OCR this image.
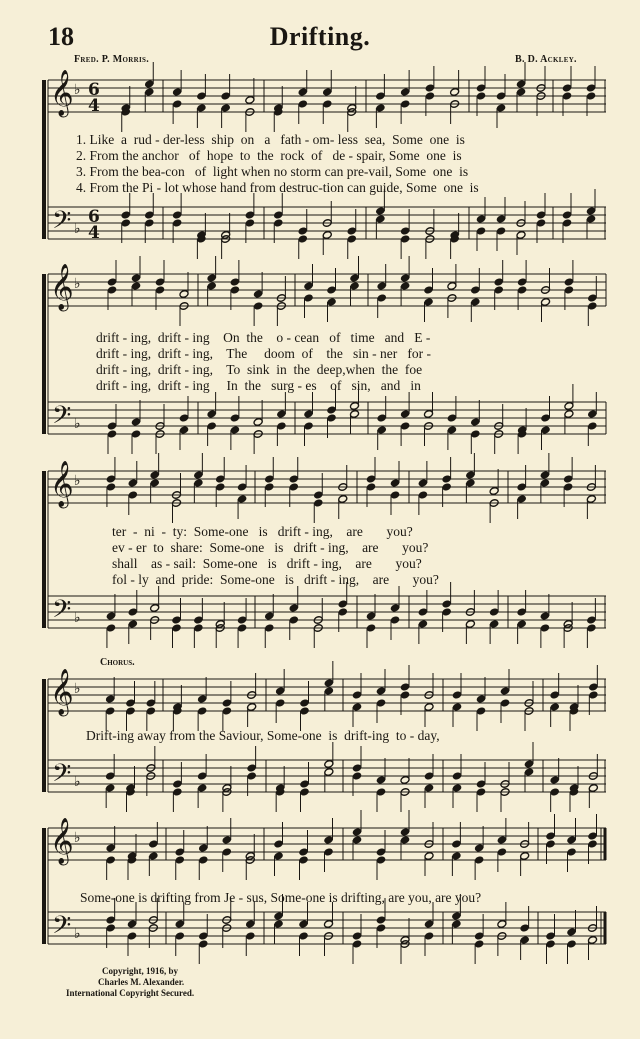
18	Drifting.
Fred. P. Morris.	B. D. Ackley.
𝄞
𝄢
♭
♭
6
4
6
4
𝄞
𝄢
♭
♭
𝄞
𝄢
♭
♭
𝄞
𝄢
♭
♭
𝄞
𝄢
♭
♭
1. Like  a  rud - der-less  ship  on   a   fath - om- less  sea,  Some  one  is
2. From the anchor   of  hope  to  the  rock  of   de - spair, Some  one  is
3. From the bea-con   of  light when no storm can pre-vail, Some  one  is
4. From the Pi - lot whose hand from destruc-tion can guide, Some  one  is
drift - ing,  drift - ing    On  the    o - cean   of   time   and   E -
drift - ing,  drift - ing,    The     doom  of    the   sin - ner   for -
drift - ing,  drift - ing,    To  sink  in  the  deep,when  the  foe
drift - ing,  drift - ing     In  the   surg - es    of   sin,   and   in
ter  -  ni  -  ty:  Some-one   is   drift - ing,    are       you?
ev - er  to  share:  Some-one   is   drift - ing,    are       you?
shall    as - sail:  Some-one   is   drift - ing,    are       you?
fol - ly  and  pride:  Some-one   is   drift - ing,    are       you?
Chorus.
Drift-ing away from the Saviour, Some-one  is  drift-ing  to - day,
Some-one is drifting from Je - sus, Some-one is drifting, are you, are you?
Copyright, 1916, by
Charles M. Alexander.
International Copyright Secured.
